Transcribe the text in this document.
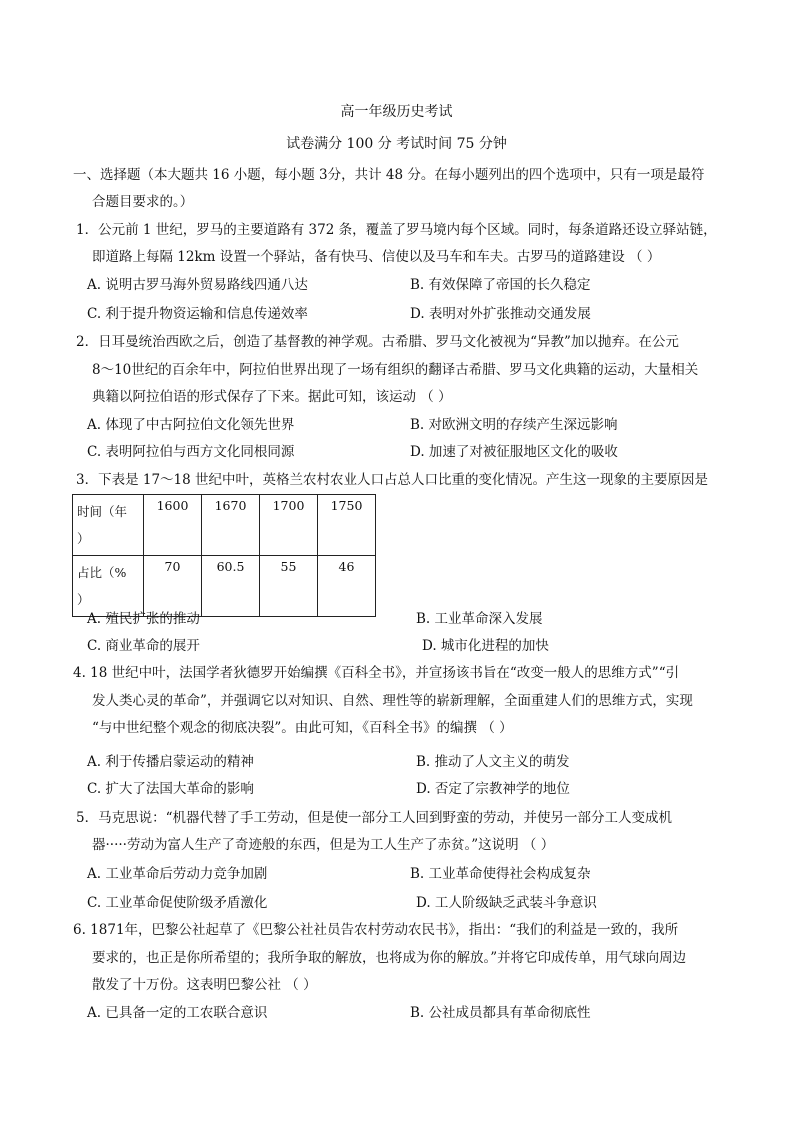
高一年级历史考试
试卷满分 100 分 考试时间 75 分钟
一、选择题（本大题共 16 小题，每小题 3分，共计 48 分。在每小题列出的四个选项中，只有一项是最符
合题目要求的。）
1．公元前 1 世纪，罗马的主要道路有 372 条，覆盖了罗马境内每个区域。同时，每条道路还设立驿站链，
即道路上每隔 12km 设置一个驿站，备有快马、信使以及马车和车夫。古罗马的道路建设 （ ）
A. 说明古罗马海外贸易路线四通八达	B. 有效保障了帝国的长久稳定
C. 利于提升物资运输和信息传递效率	D. 表明对外扩张推动交通发展
2．日耳曼统治西欧之后，创造了基督教的神学观。古希腊、罗马文化被视为“异教”加以抛弃。在公元
8～10世纪的百余年中，阿拉伯世界出现了一场有组织的翻译古希腊、罗马文化典籍的运动，大量相关
典籍以阿拉伯语的形式保存了下来。据此可知，该运动 （ ）
A. 体现了中古阿拉伯文化领先世界	B. 对欧洲文明的存续产生深远影响
C. 表明阿拉伯与西方文化同根同源	D. 加速了对被征服地区文化的吸收
3．下表是 17～18 世纪中叶，英格兰农村农业人口占总人口比重的变化情况。产生这一现象的主要原因是
时间（年
）	1600	1670	1700	1750
占比（%
）	70	60.5	55	46
A. 殖民扩张的推动	B. 工业革命深入发展
C. 商业革命的展开	D. 城市化进程的加快
4. 18 世纪中叶，法国学者狄德罗开始编撰《百科全书》，并宣扬该书旨在“改变一般人的思维方式”“引
发人类心灵的革命”，并强调它以对知识、自然、理性等的崭新理解，全面重建人们的思维方式，实现
“与中世纪整个观念的彻底决裂”。由此可知，《百科全书》的编撰 （ ）
A. 利于传播启蒙运动的精神	B. 推动了人文主义的萌发
C. 扩大了法国大革命的影响	D. 否定了宗教神学的地位
5．马克思说：“机器代替了手工劳动，但是使一部分工人回到野蛮的劳动，并使另一部分工人变成机
器·····劳动为富人生产了奇迹般的东西，但是为工人生产了赤贫。”这说明 （ ）
A. 工业革命后劳动力竞争加剧	B. 工业革命使得社会构成复杂
C. 工业革命促使阶级矛盾激化	D. 工人阶级缺乏武装斗争意识
6. 1871年，巴黎公社起草了《巴黎公社社员告农村劳动农民书》，指出：“我们的利益是一致的，我所
要求的，也正是你所希望的；我所争取的解放，也将成为你的解放。”并将它印成传单，用气球向周边
散发了十万份。这表明巴黎公社 （ ）
A. 已具备一定的工农联合意识	B. 公社成员都具有革命彻底性
